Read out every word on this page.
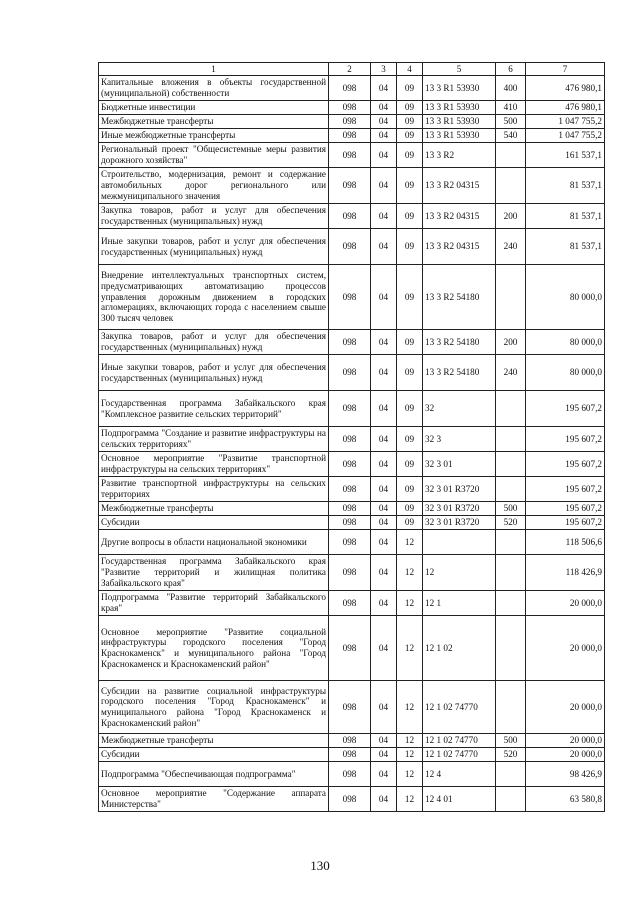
1	2	3	4	5	6	7
Капитальные вложения в объекты государственной (муниципальной) собственности	098	04	09	13 3 R1 53930	400	476 980,1
Бюджетные инвестиции	098	04	09	13 3 R1 53930	410	476 980,1
Межбюджетные трансферты	098	04	09	13 3 R1 53930	500	1 047 755,2
Иные межбюджетные трансферты	098	04	09	13 3 R1 53930	540	1 047 755,2
Региональный проект "Общесистемные меры развития дорожного хозяйства"	098	04	09	13 3 R2		161 537,1
Строительство, модернизация, ремонт и содержание автомобильных дорог регионального или межмуниципального значения	098	04	09	13 3 R2 04315		81 537,1
Закупка товаров, работ и услуг для обеспечения государственных (муниципальных) нужд	098	04	09	13 3 R2 04315	200	81 537,1
Иные закупки товаров, работ и услуг для обеспечения государственных (муниципальных) нужд	098	04	09	13 3 R2 04315	240	81 537,1
Внедрение интеллектуальных транспортных систем, предусматривающих автоматизацию процессов управления дорожным движением в городских агломерациях, включающих города с населением свыше 300 тысяч человек	098	04	09	13 3 R2 54180		80 000,0
Закупка товаров, работ и услуг для обеспечения государственных (муниципальных) нужд	098	04	09	13 3 R2 54180	200	80 000,0
Иные закупки товаров, работ и услуг для обеспечения государственных (муниципальных) нужд	098	04	09	13 3 R2 54180	240	80 000,0
Государственная программа Забайкальского края "Комплексное развитие сельских территорий"	098	04	09	32		195 607,2
Подпрограмма "Создание и развитие инфраструктуры на сельских территориях"	098	04	09	32 3		195 607,2
Основное мероприятие "Развитие транспортной инфраструктуры на сельских территориях"	098	04	09	32 3 01		195 607,2
Развитие транспортной инфраструктуры на сельских территориях	098	04	09	32 3 01 R3720		195 607,2
Межбюджетные трансферты	098	04	09	32 3 01 R3720	500	195 607,2
Субсидии	098	04	09	32 3 01 R3720	520	195 607,2
Другие вопросы в области национальной экономики	098	04	12			118 506,6
Государственная программа Забайкальского края "Развитие территорий и жилищная политика Забайкальского края"	098	04	12	12		118 426,9
Подпрограмма "Развитие территорий Забайкальского края"	098	04	12	12 1		20 000,0
Основное мероприятие "Развитие социальной инфраструктуры городского поселения "Город Краснокаменск" и муниципального района "Город Краснокаменск и Краснокаменский район"	098	04	12	12 1 02		20 000,0
Субсидии на развитие социальной инфраструктуры городского поселения "Город Краснокаменск" и муниципального района "Город Краснокаменск и Краснокаменский район"	098	04	12	12 1 02 74770		20 000,0
Межбюджетные трансферты	098	04	12	12 1 02 74770	500	20 000,0
Субсидии	098	04	12	12 1 02 74770	520	20 000,0
Подпрограмма "Обеспечивающая подпрограмма"	098	04	12	12 4		98 426,9
Основное мероприятие "Содержание аппарата Министерства"	098	04	12	12 4 01		63 580,8
130
